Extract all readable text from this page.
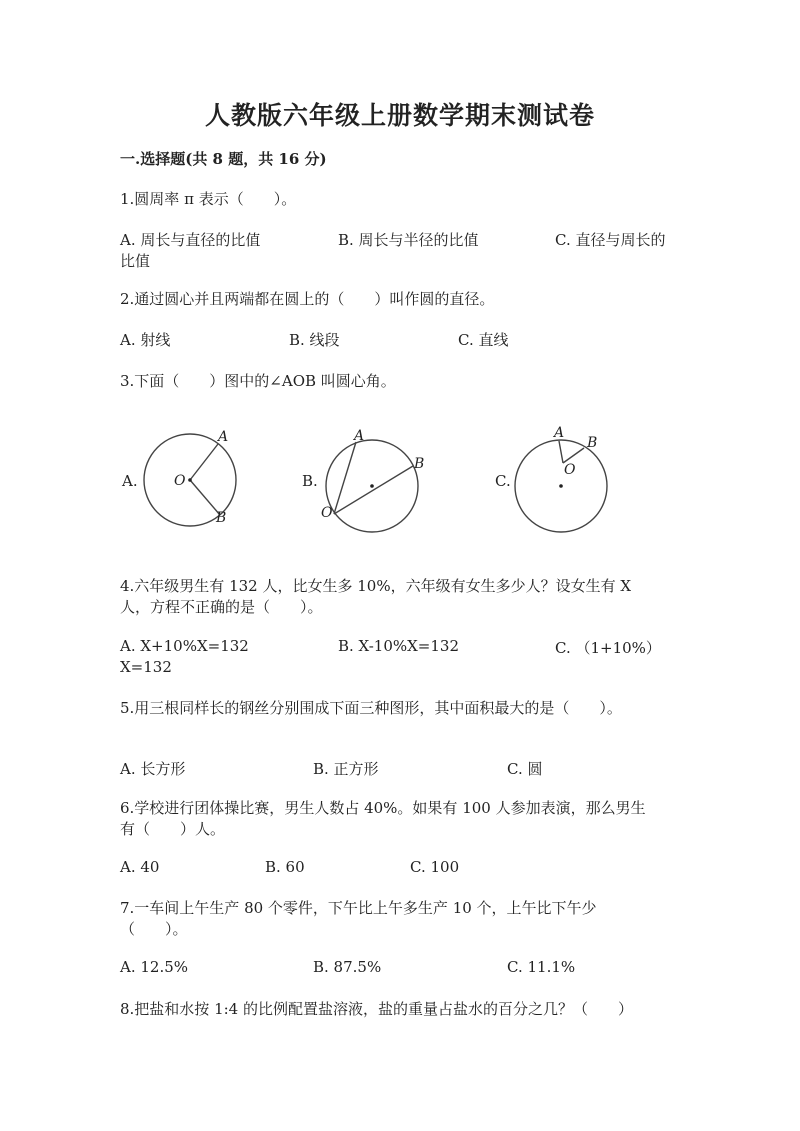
人教版六年级上册数学期末测试卷
一.选择题(共 8 题，共 16 分)
1.圆周率 π 表示（　　）。
A. 周长与直径的比值	B. 周长与半径的比值	C. 直径与周长的
比值
2.通过圆心并且两端都在圆上的（　　）叫作圆的直径。
A. 射线	B. 线段	C. 直线
3.下面（　　）图中的∠AOB 叫圆心角。
A.	O
A
B
B.
O
A
B
C.
O
A
B
4.六年级男生有 132 人，比女生多 10%，六年级有女生多少人？设女生有 X
人，方程不正确的是（　　）。
A. X+10%X=132	B. X-10%X=132	C. （1+10%）
X=132
5.用三根同样长的钢丝分别围成下面三种图形，其中面积最大的是（　　）。
A. 长方形	B. 正方形	C. 圆
6.学校进行团体操比赛，男生人数占 40%。如果有 100 人参加表演，那么男生
有（　　）人。
A. 40	B. 60	C. 100
7.一车间上午生产 80 个零件，下午比上午多生产 10 个，上午比下午少
（　　）。
A. 12.5%	B. 87.5%	C. 11.1%
8.把盐和水按 1:4 的比例配置盐溶液，盐的重量占盐水的百分之几？（　　）
